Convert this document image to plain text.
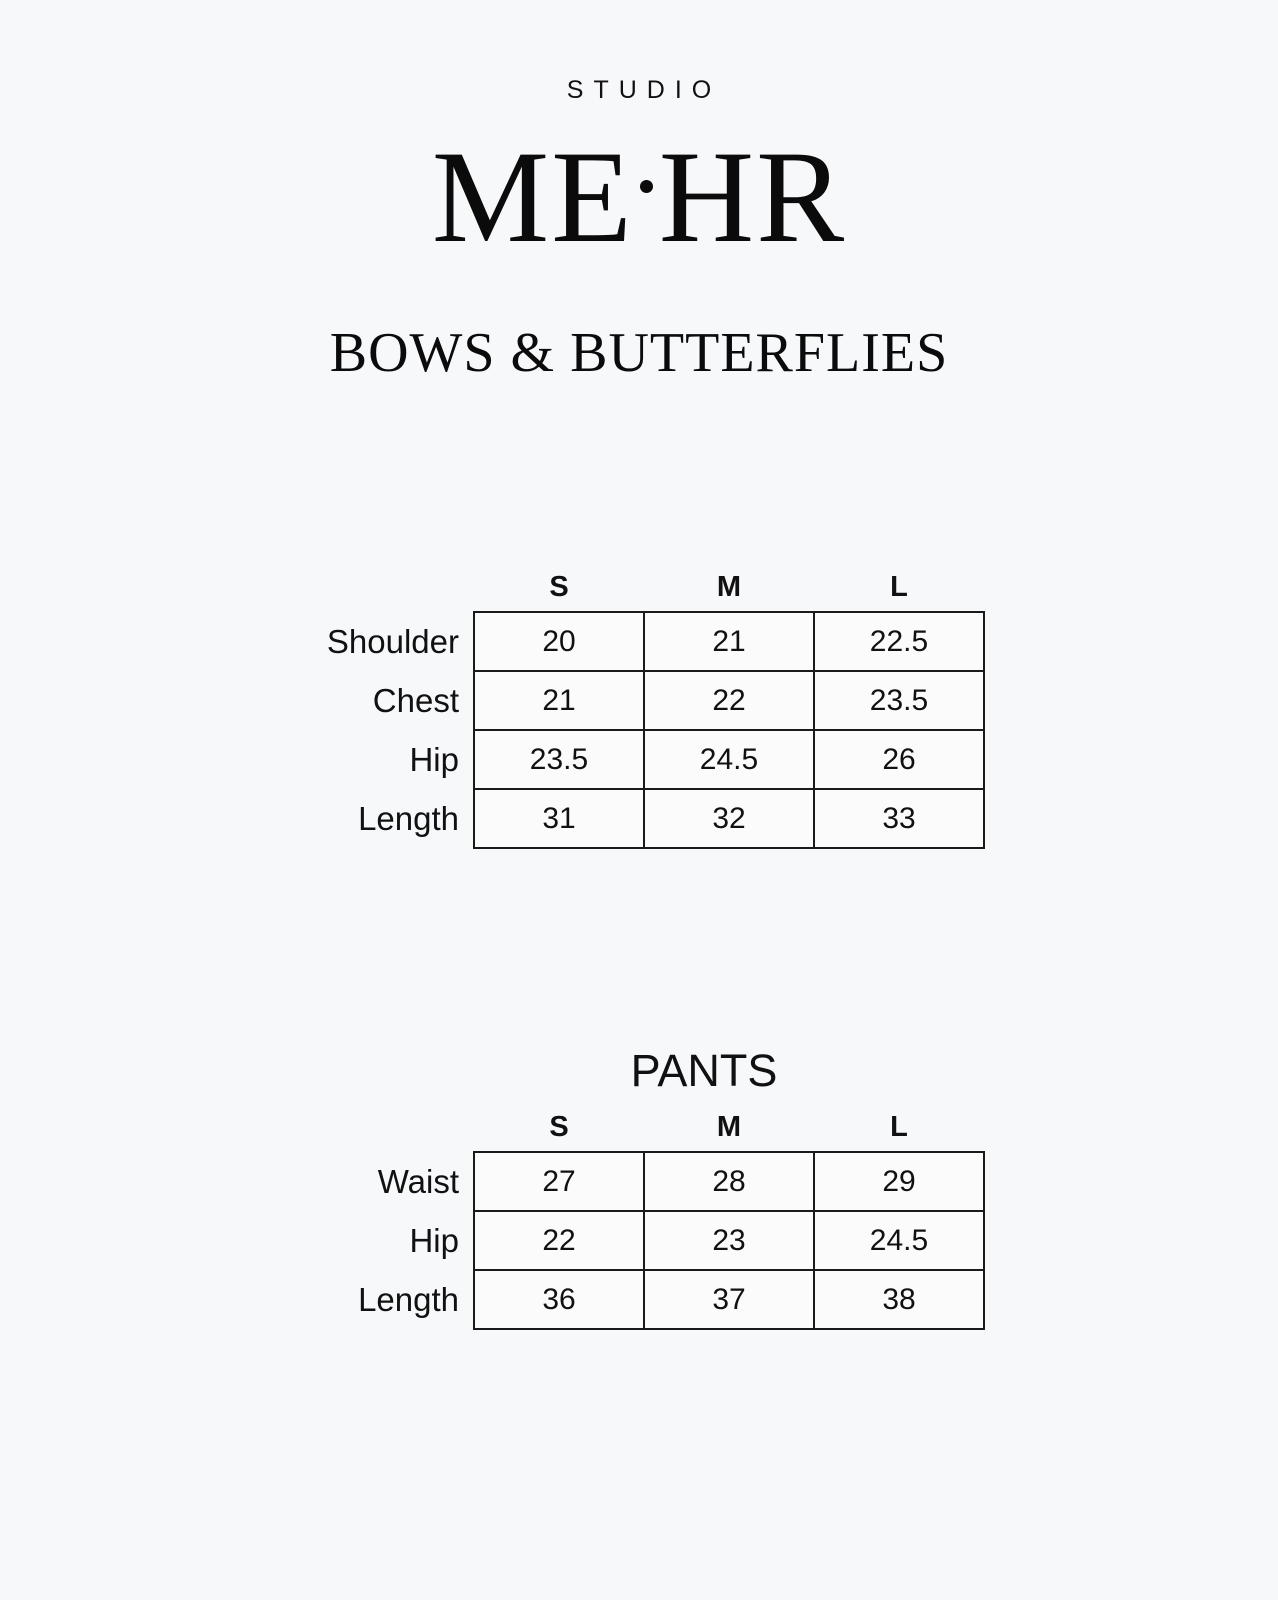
STUDIO
ME HR
BOWS & BUTTERFLIES
	S	M	L
Shoulder	20	21	22.5
Chest	21	22	23.5
Hip	23.5	24.5	26
Length	31	32	33
PANTS
	S	M	L
Waist	27	28	29
Hip	22	23	24.5
Length	36	37	38
